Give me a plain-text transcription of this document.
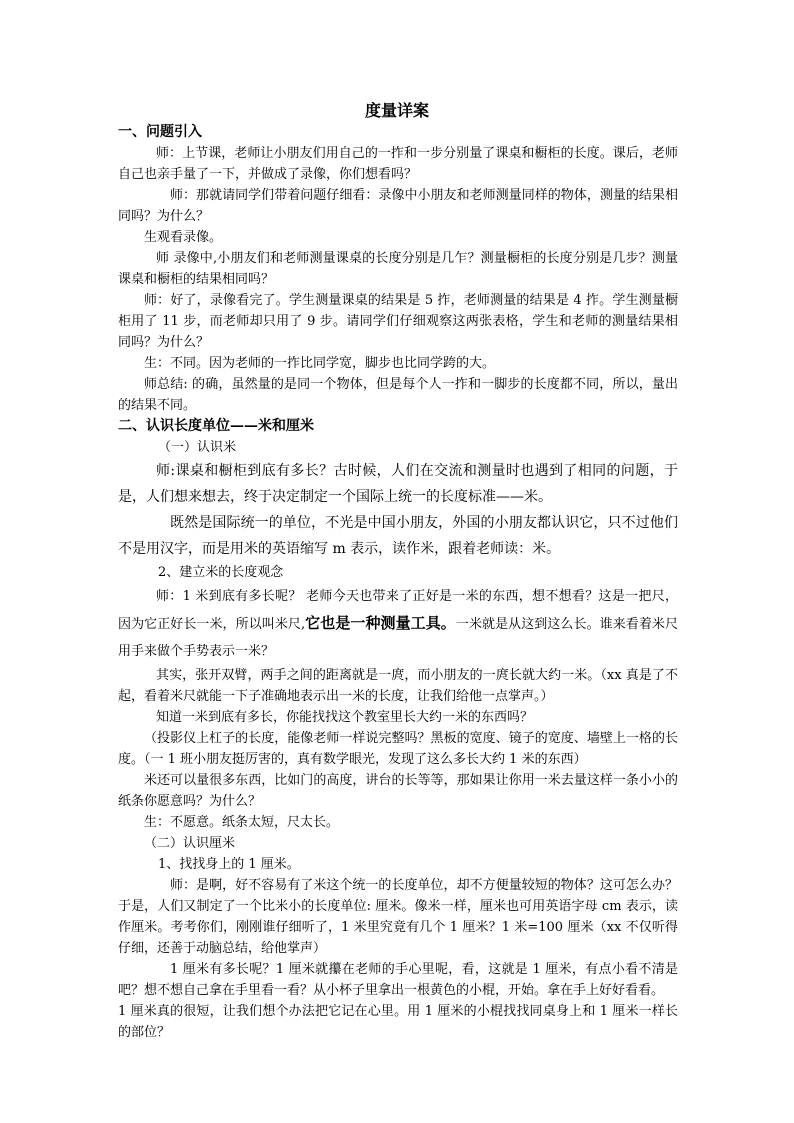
度量详案

一、问题引入

师：上节课，老师让小朋友们用自己的一拃和一步分别量了课桌和橱柜的长度。课后，老师自己也亲手量了一下，并做成了录像，你们想看吗？

师：那就请同学们带着问题仔细看：录像中小朋友和老师测量同样的物体，测量的结果相同吗？为什么？

生观看录像。

师 录像中,小朋友们和老师测量课桌的长度分别是几乍？测量橱柜的长度分别是几步？测量课桌和橱柜的结果相同吗？

师：好了，录像看完了。学生测量课桌的结果是 5 拃，老师测量的结果是 4 拃。学生测量橱柜用了 11 步，而老师却只用了 9 步。请同学们仔细观察这两张表格，学生和老师的测量结果相同吗？为什么？

生：不同。因为老师的一拃比同学宽，脚步也比同学跨的大。

师总结: 的确，虽然量的是同一个物体，但是每个人一拃和一脚步的长度都不同，所以，量出的结果不同。

二、认识长度单位——米和厘米

（一）认识米

师:课桌和橱柜到底有多长？古时候，人们在交流和测量时也遇到了相同的问题，于是，人们想来想去，终于决定制定一个国际上统一的长度标准——米。

既然是国际统一的单位，不光是中国小朋友，外国的小朋友都认识它，只不过他们不是用汉字，而是用米的英语缩写 m 表示，读作米，跟着老师读：米。

2、建立米的长度观念

师：1 米到底有多长呢？ 老师今天也带来了正好是一米的东西，想不想看？这是一把尺，因为它正好长一米，所以叫米尺,它也是一种测量工具。一米就是从这到这么长。谁来看着米尺用手来做个手势表示一米？

其实，张开双臂，两手之间的距离就是一庹，而小朋友的一庹长就大约一米。（xx 真是了不起，看着米尺就能一下子准确地表示出一米的长度，让我们给他一点掌声。）

知道一米到底有多长，你能找找这个教室里长大约一米的东西吗？

（投影仪上杠子的长度，能像老师一样说完整吗？黑板的宽度、镜子的宽度、墙壁上一格的长度。（一 1 班小朋友挺厉害的，真有数学眼光，发现了这么多长大约 1 米的东西）

米还可以量很多东西，比如门的高度，讲台的长等等，那如果让你用一米去量这样一条小小的纸条你愿意吗？为什么？

生：不愿意。纸条太短，尺太长。

（二）认识厘米

1、找找身上的 1 厘米。

师：是啊，好不容易有了米这个统一的长度单位，却不方便量较短的物体？这可怎么办？于是，人们又制定了一个比米小的长度单位: 厘米。像米一样，厘米也可用英语字母 cm 表示，读作厘米。考考你们，刚刚谁仔细听了，1 米里究竟有几个 1 厘米？1 米=100 厘米（xx 不仅听得仔细，还善于动脑总结，给他掌声）

1 厘米有多长呢？1 厘米就攥在老师的手心里呢，看，这就是 1 厘米，有点小看不清是吧？想不想自己拿在手里看一看？从小杯子里拿出一根黄色的小棍，开始。拿在手上好好看看。

1 厘米真的很短，让我们想个办法把它记在心里。用 1 厘米的小棍找找同桌身上和 1 厘米一样长的部位？
